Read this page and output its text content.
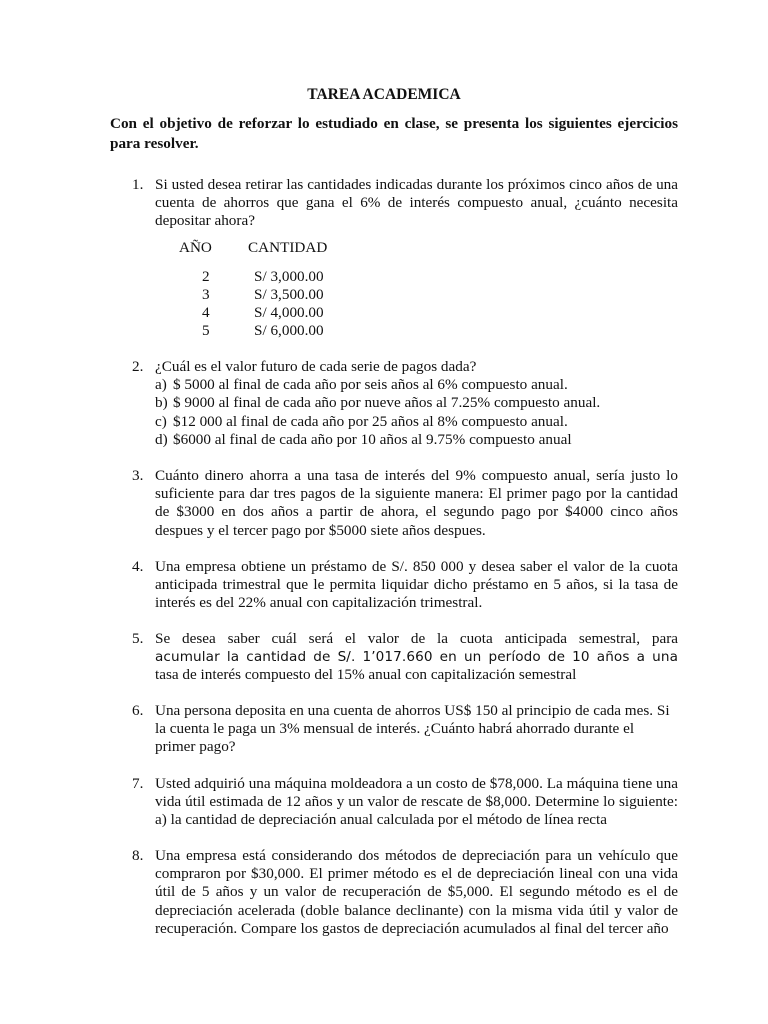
TAREA ACADEMICA
Con el objetivo de reforzar lo estudiado en clase, se presenta los siguientes ejercicios para resolver.
1. Si usted desea retirar las cantidades indicadas durante los próximos cinco años de una cuenta de ahorros que gana el 6% de interés compuesto anual, ¿cuánto necesita depositar ahora?
AÑO CANTIDAD
2	S/ 3,000.00
3	S/ 3,500.00
4	S/ 4,000.00
5	S/ 6,000.00
2. ¿Cuál es el valor futuro de cada serie de pagos dada?
a) $ 5000 al final de cada año por seis años al 6% compuesto anual.
b) $ 9000 al final de cada año por nueve años al 7.25% compuesto anual.
c) $12 000 al final de cada año por 25 años al 8% compuesto anual.
d) $6000 al final de cada año por 10 años al 9.75% compuesto anual
3. Cuánto dinero ahorra a una tasa de interés del 9% compuesto anual, sería justo lo suficiente para dar tres pagos de la siguiente manera: El primer pago por la cantidad de $3000 en dos años a partir de ahora, el segundo pago por $4000 cinco años despues y el tercer pago por $5000 siete años despues.
4. Una empresa obtiene un préstamo de S/. 850 000 y desea saber el valor de la cuota anticipada trimestral que le permita liquidar dicho préstamo en 5 años, si la tasa de interés es del 22% anual con capitalización trimestral.
5. Se desea saber cuál será el valor de la cuota anticipada semestral, para
acumular la cantidad de S/. 1’017.660 en un período de 10 años a una
tasa de interés compuesto del 15% anual con capitalización semestral
6. Una persona deposita en una cuenta de ahorros US$ 150 al principio de cada mes. Si la cuenta le paga un 3% mensual de interés. ¿Cuánto habrá ahorrado durante el primer pago?
7. Usted adquirió una máquina moldeadora a un costo de $78,000. La máquina tiene una vida útil estimada de 12 años y un valor de rescate de $8,000. Determine lo siguiente: a) la cantidad de depreciación anual calculada por el método de línea recta
8. Una empresa está considerando dos métodos de depreciación para un vehículo que compraron por $30,000. El primer método es el de depreciación lineal con una vida útil de 5 años y un valor de recuperación de $5,000. El segundo método es el de depreciación acelerada (doble balance declinante) con la misma vida útil y valor de recuperación. Compare los gastos de depreciación acumulados al final del tercer año
